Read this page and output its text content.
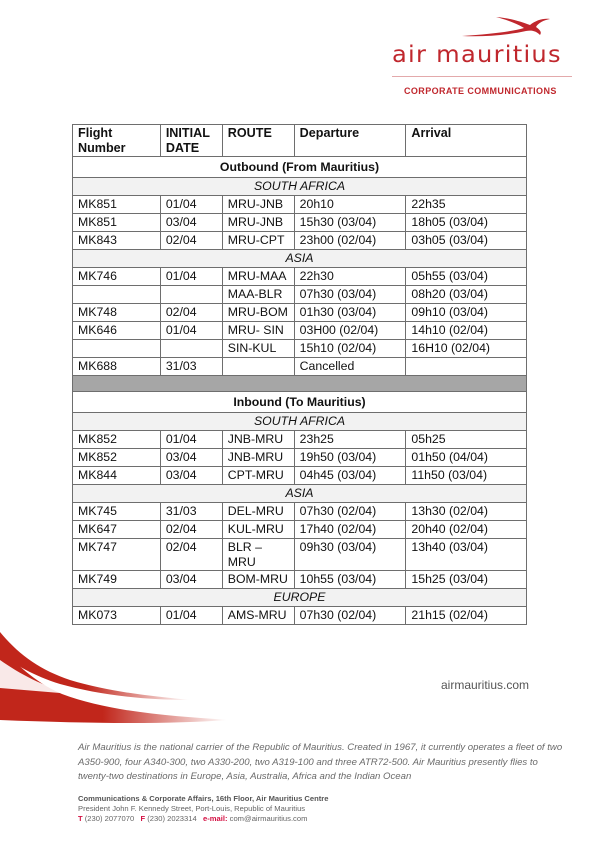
air mauritius
CORPORATE COMMUNICATIONS
Flight Number	INITIAL DATE	ROUTE	Departure	Arrival
Outbound (From Mauritius)				
SOUTH AFRICA				
MK851	01/04	MRU-JNB	20h10	22h35
MK851	03/04	MRU-JNB	15h30 (03/04)	18h05 (03/04)
MK843	02/04	MRU-CPT	23h00 (02/04)	03h05 (03/04)
ASIA				
MK746	01/04	MRU-MAA	22h30	05h55 (03/04)
		MAA-BLR	07h30 (03/04)	08h20 (03/04)
MK748	02/04	MRU-BOM	01h30 (03/04)	09h10 (03/04)
MK646	01/04	MRU- SIN	03H00 (02/04)	14h10 (02/04)
		SIN-KUL	15h10 (02/04)	16H10 (02/04)
MK688	31/03		Cancelled	

Inbound (To Mauritius)				
SOUTH AFRICA				
MK852	01/04	JNB-MRU	23h25	05h25
MK852	03/04	JNB-MRU	19h50 (03/04)	01h50 (04/04)
MK844	03/04	CPT-MRU	04h45 (03/04)	11h50 (03/04)
ASIA				
MK745	31/03	DEL-MRU	07h30 (02/04)	13h30 (02/04)
MK647	02/04	KUL-MRU	17h40 (02/04)	20h40 (02/04)
MK747	02/04	BLR –MRU	09h30 (03/04)	13h40 (03/04)
MK749	03/04	BOM-MRU	10h55 (03/04)	15h25 (03/04)
EUROPE				
MK073	01/04	AMS-MRU	07h30 (02/04)	21h15 (02/04)
airmauritius.com
Air Mauritius is the national carrier of the Republic of Mauritius. Created in 1967, it currently operates a fleet of two A350-900, four A340-300, two A330-200, two A319-100 and three ATR72-500. Air Mauritius presently flies to twenty-two destinations in Europe, Asia, Australia, Africa and the Indian Ocean
Communications & Corporate Affairs, 16th Floor, Air Mauritius Centre
President John F. Kennedy Street, Port-Louis, Republic of Mauritius
T (230) 2077070 F (230) 2023314 e-mail: com@airmauritius.com
